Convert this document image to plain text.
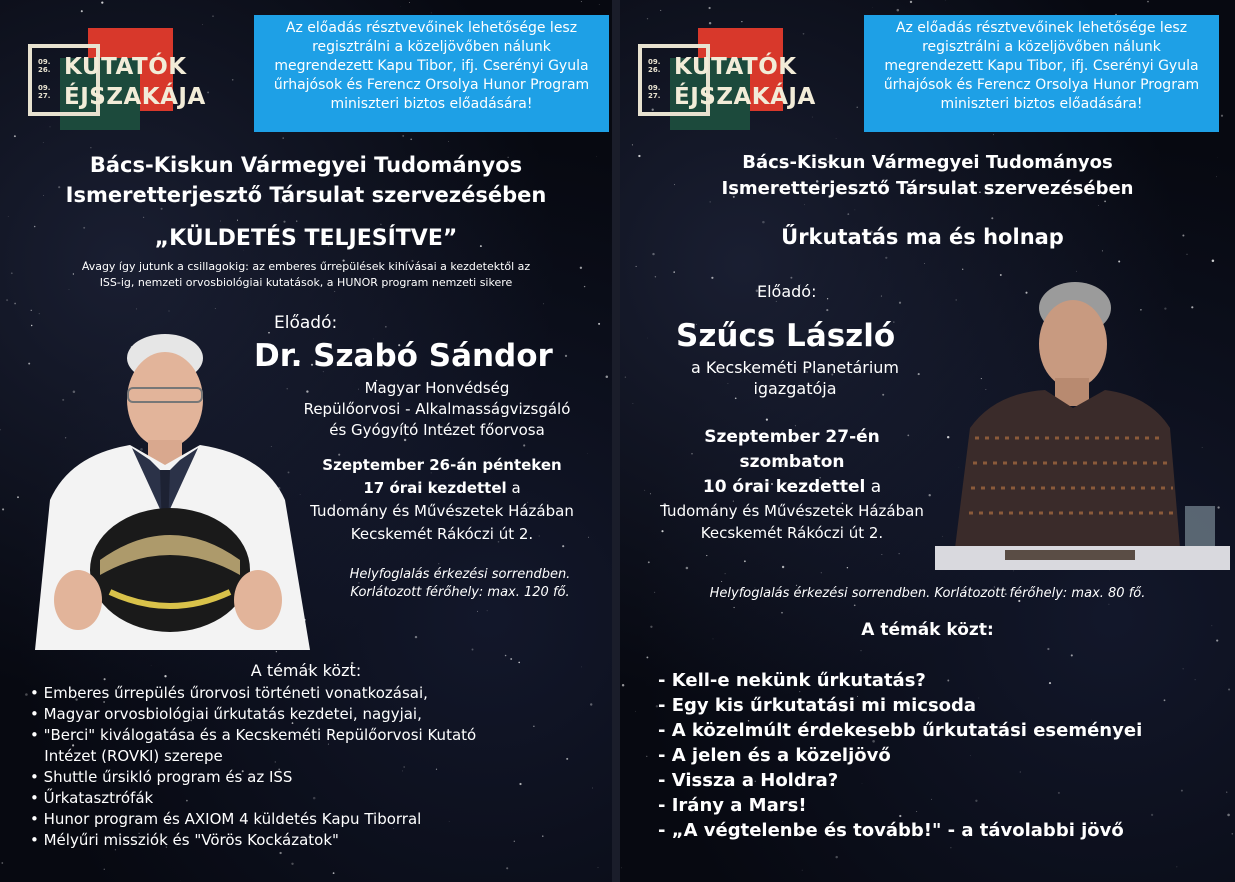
09.
26.
09.
27.
KUTATÓK
ÉJSZAKÁJA
Az előadás résztvevőinek lehetősége lesz regisztrálni a közeljövőben nálunk megrendezett Kapu Tibor, ifj. Cserényi Gyula űrhajósok és Ferencz Orsolya Hunor Program miniszteri biztos előadására!
Bács-Kiskun Vármegyei Tudományos
Ismeretterjesztő Társulat szervezésében
„KÜLDETÉS TELJESÍTVE”
Avagy így jutunk a csillagokig: az emberes űrrepülések kihívásai a kezdetektől az
ISS-ig, nemzeti orvosbiológiai kutatások, a HUNOR program nemzeti sikere
Előadó:
Dr. Szabó Sándor
Magyar Honvédség
Repülőorvosi - Alkalmasságvizsgáló
és Gyógyító Intézet főorvosa
Szeptember 26-án pénteken
17 órai kezdettel a
Tudomány és Művészetek Házában
Kecskemét Rákóczi út 2.
Helyfoglalás érkezési sorrendben.
Korlátozott férőhely: max. 120 fő.
A témák közt:
• Emberes űrrepülés űrorvosi történeti vonatkozásai,
• Magyar orvosbiológiai űrkutatás kezdetei, nagyjai,
• "Berci" kiválogatása és a Kecskeméti Repülőorvosi Kutató
Intézet (ROVKI) szerepe
• Shuttle űrsikló program és az ISS
• Űrkatasztrófák
• Hunor program és AXIOM 4 küldetés Kapu Tiborral
• Mélyűri missziók és "Vörös Kockázatok"
09.
26.
09.
27.
KUTATÓK
ÉJSZAKÁJA
Az előadás résztvevőinek lehetősége lesz regisztrálni a közeljövőben nálunk megrendezett Kapu Tibor, ifj. Cserényi Gyula űrhajósok és Ferencz Orsolya Hunor Program miniszteri biztos előadására!
Bács-Kiskun Vármegyei Tudományos
Ismeretterjesztő Társulat szervezésében
Űrkutatás ma és holnap
Előadó:
Szűcs László
a Kecskeméti Planetárium
igazgatója
Szeptember 27-én
szombaton
10 órai kezdettel a
Tudomány és Művészetek Házában
Kecskemét Rákóczi út 2.
Helyfoglalás érkezési sorrendben. Korlátozott férőhely: max. 80 fő.
A témák közt:
- Kell-e nekünk űrkutatás?
- Egy kis űrkutatási mi micsoda
- A közelmúlt érdekesebb űrkutatási eseményei
- A jelen és a közeljövő
- Vissza a Holdra?
- Irány a Mars!
- „A végtelenbe és tovább!" - a távolabbi jövő
